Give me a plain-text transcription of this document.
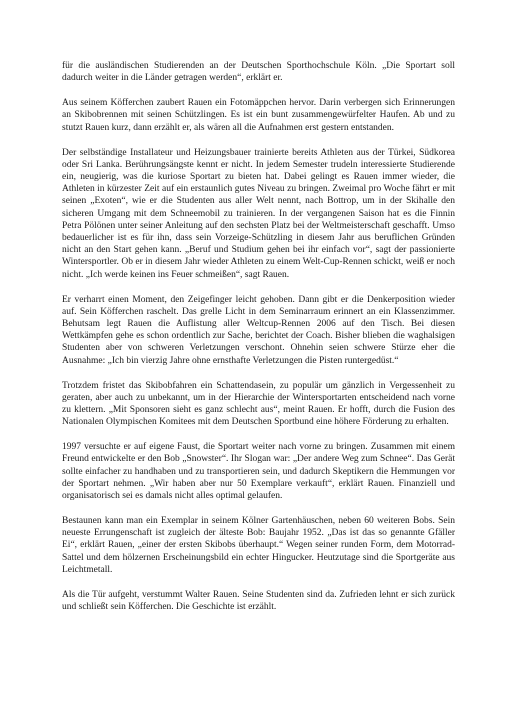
für die ausländischen Studierenden an der Deutschen Sporthochschule Köln. „Die Sportart soll dadurch weiter in die Länder getragen werden“, erklärt er.

Aus seinem Köfferchen zaubert Rauen ein Fotomäppchen hervor. Darin verbergen sich Erinnerungen an Skibobrennen mit seinen Schützlingen. Es ist ein bunt zusammengewürfelter Haufen. Ab und zu stutzt Rauen kurz, dann erzählt er, als wären all die Aufnahmen erst gestern entstanden.

Der selbständige Installateur und Heizungsbauer trainierte bereits Athleten aus der Türkei, Südkorea oder Sri Lanka. Berührungsängste kennt er nicht. In jedem Semester trudeln interessierte Studierende ein, neugierig, was die kuriose Sportart zu bieten hat. Dabei gelingt es Rauen immer wieder, die Athleten in kürzester Zeit auf ein erstaunlich gutes Niveau zu bringen. Zweimal pro Woche fährt er mit seinen „Exoten“, wie er die Studenten aus aller Welt nennt, nach Bottrop, um in der Skihalle den sicheren Umgang mit dem Schneemobil zu trainieren. In der vergangenen Saison hat es die Finnin Petra Pölönen unter seiner Anleitung auf den sechsten Platz bei der Weltmeisterschaft geschafft. Umso bedauerlicher ist es für ihn, dass sein Vorzeige-Schützling in diesem Jahr aus beruflichen Gründen nicht an den Start gehen kann. „Beruf und Studium gehen bei ihr einfach vor“, sagt der passionierte Wintersportler. Ob er in diesem Jahr wieder Athleten zu einem Welt-Cup-Rennen schickt, weiß er noch nicht. „Ich werde keinen ins Feuer schmeißen“, sagt Rauen.

Er verharrt einen Moment, den Zeigefinger leicht gehoben. Dann gibt er die Denkerposition wieder auf. Sein Köfferchen raschelt. Das grelle Licht in dem Seminarraum erinnert an ein Klassenzimmer. Behutsam legt Rauen die Auflistung aller Weltcup-Rennen 2006 auf den Tisch. Bei diesen Wettkämpfen gehe es schon ordentlich zur Sache, berichtet der Coach. Bisher blieben die waghalsigen Studenten aber von schweren Verletzungen verschont. Ohnehin seien schwere Stürze eher die Ausnahme: „Ich bin vierzig Jahre ohne ernsthafte Verletzungen die Pisten runtergedüst.“

Trotzdem fristet das Skibobfahren ein Schattendasein, zu populär um gänzlich in Vergessenheit zu geraten, aber auch zu unbekannt, um in der Hierarchie der Wintersportarten entscheidend nach vorne zu klettern. „Mit Sponsoren sieht es ganz schlecht aus“, meint Rauen. Er hofft, durch die Fusion des Nationalen Olympischen Komitees mit dem Deutschen Sportbund eine höhere Förderung zu erhalten.

1997 versuchte er auf eigene Faust, die Sportart weiter nach vorne zu bringen. Zusammen mit einem Freund entwickelte er den Bob „Snowster“. Ihr Slogan war: „Der andere Weg zum Schnee“. Das Gerät sollte einfacher zu handhaben und zu transportieren sein, und dadurch Skeptikern die Hemmungen vor der Sportart nehmen. „Wir haben aber nur 50 Exemplare verkauft“, erklärt Rauen. Finanziell und organisatorisch sei es damals nicht alles optimal gelaufen.

Bestaunen kann man ein Exemplar in seinem Kölner Gartenhäuschen, neben 60 weiteren Bobs. Sein neueste Errungenschaft ist zugleich der älteste Bob: Baujahr 1952. „Das ist das so genannte Gfäller Ei“, erklärt Rauen, „einer der ersten Skibobs überhaupt.“ Wegen seiner runden Form, dem Motorrad-Sattel und dem hölzernen Erscheinungsbild ein echter Hingucker. Heutzutage sind die Sportgeräte aus Leichtmetall.

Als die Tür aufgeht, verstummt Walter Rauen. Seine Studenten sind da. Zufrieden lehnt er sich zurück und schließt sein Köfferchen. Die Geschichte ist erzählt.
